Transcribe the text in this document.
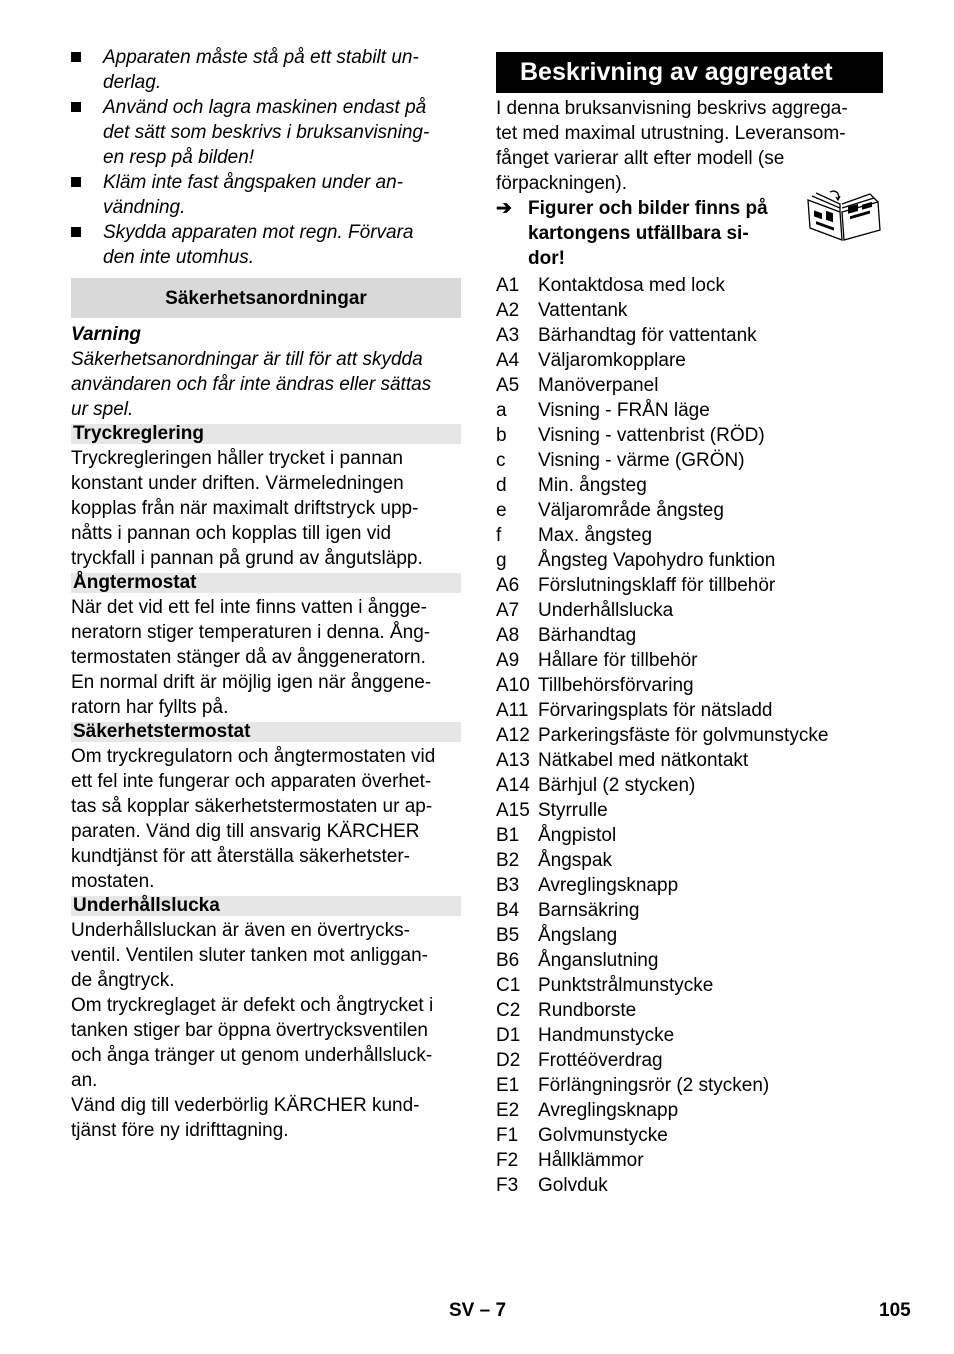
Apparaten måste stå på ett stabilt un-
derlag.
Använd och lagra maskinen endast på
det sätt som beskrivs i bruksanvisning-
en resp på bilden!
Kläm inte fast ångspaken under an-
vändning.
Skydda apparaten mot regn. Förvara
den inte utomhus.
Säkerhetsanordningar
Varning
Säkerhetsanordningar är till för att skydda
användaren och får inte ändras eller sättas
ur spel.
Tryckreglering
Tryckregleringen håller trycket i pannan
konstant under driften. Värmeledningen
kopplas från när maximalt driftstryck upp-
nåtts i pannan och kopplas till igen vid
tryckfall i pannan på grund av ångutsläpp.
Ångtermostat
När det vid ett fel inte finns vatten i ångge-
neratorn stiger temperaturen i denna. Ång-
termostaten stänger då av ånggeneratorn.
En normal drift är möjlig igen när ånggene-
ratorn har fyllts på.
Säkerhetstermostat
Om tryckregulatorn och ångtermostaten vid
ett fel inte fungerar och apparaten överhet-
tas så kopplar säkerhetstermostaten ur ap-
paraten. Vänd dig till ansvarig KÄRCHER
kundtjänst för att återställa säkerhetster-
mostaten.
Underhållslucka
Underhållsluckan är även en övertrycks-
ventil. Ventilen sluter tanken mot anliggan-
de ångtryck.
Om tryckreglaget är defekt och ångtrycket i
tanken stiger bar öppna övertrycksventilen
och ånga tränger ut genom underhållsluck-
an.
Vänd dig till vederbörlig KÄRCHER kund-
tjänst före ny idrifttagning.
Beskrivning av aggregatet
I denna bruksanvisning beskrivs aggrega-
tet med maximal utrustning. Leveransom-
fånget varierar allt efter modell (se
förpackningen).
➔ Figurer och bilder finns på
kartongens utfällbara si-
dor!
A1 Kontaktdosa med lock
A2 Vattentank
A3 Bärhandtag för vattentank
A4 Väljaromkopplare
A5 Manöverpanel
a	Visning - FRÅN läge
b	Visning - vattenbrist (RÖD)
c	Visning - värme (GRÖN)
d	Min. ångsteg
e	Väljarområde ångsteg
f	Max. ångsteg
g	Ångsteg Vapohydro funktion
A6 Förslutningsklaff för tillbehör
A7 Underhållslucka
A8 Bärhandtag
A9 Hållare för tillbehör
A10 Tillbehörsförvaring
A11 Förvaringsplats för nätsladd
A12 Parkeringsfäste för golvmunstycke
A13 Nätkabel med nätkontakt
A14 Bärhjul (2 stycken)
A15 Styrrulle
B1 Ångpistol
B2 Ångspak
B3 Avreglingsknapp
B4 Barnsäkring
B5 Ångslang
B6 Ånganslutning
C1 Punktstrålmunstycke
C2 Rundborste
D1 Handmunstycke
D2 Frottéöverdrag
E1 Förlängningsrör (2 stycken)
E2 Avreglingsknapp
F1	Golvmunstycke
F2	Hållklämmor
F3	Golvduk
SV – 7	105
